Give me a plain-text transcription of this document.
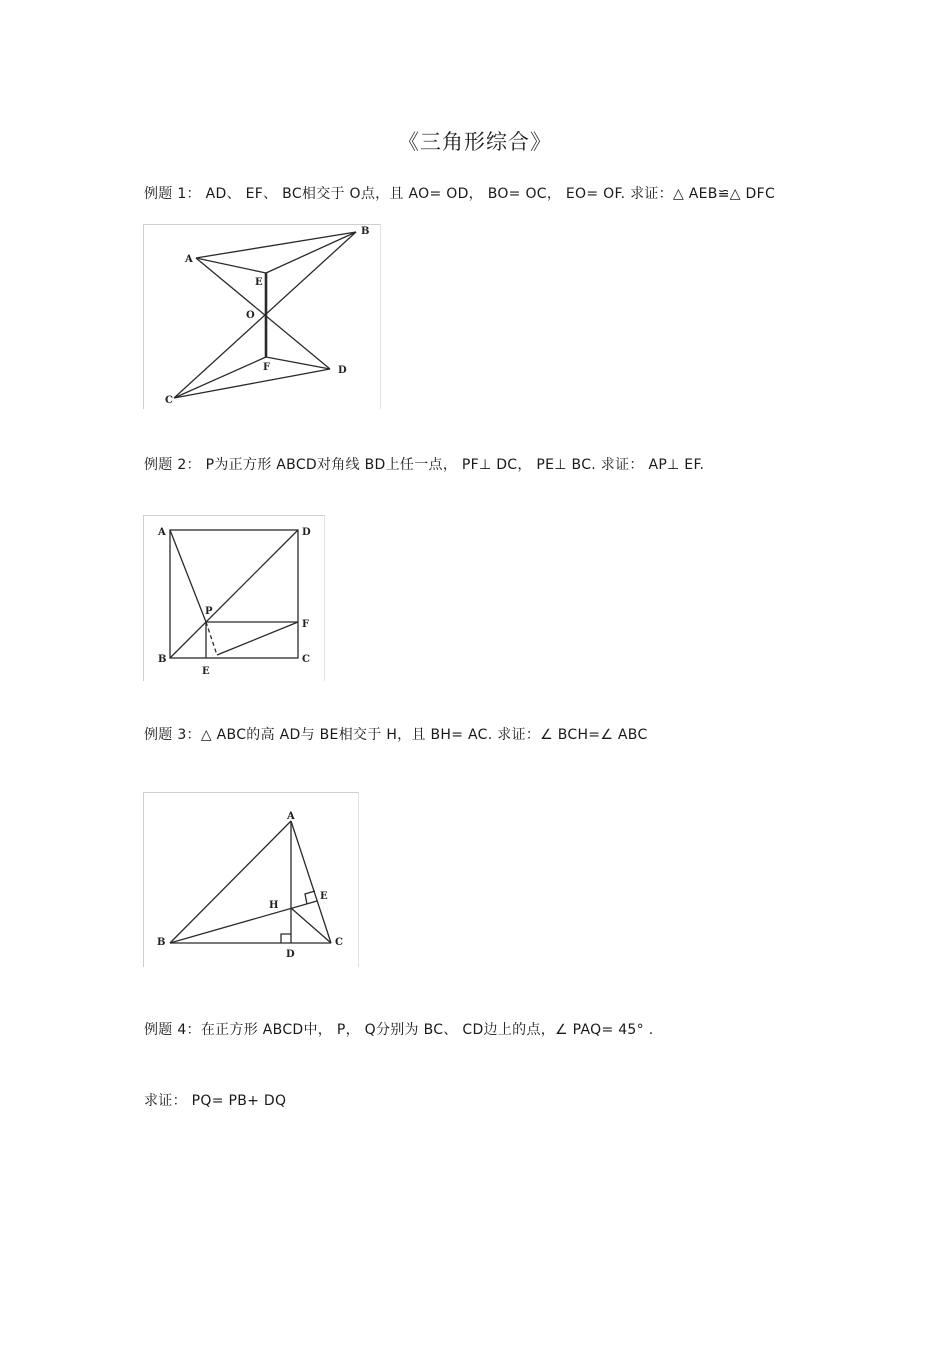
《三角形综合》
例题 1： AD、 EF、 BC相交于 O点，且 AO= OD， BO= OC， EO= OF. 求证：△ AEB≌△ DFC
A
B
E
O
F
C
D
例题 2： P为正方形 ABCD对角线 BD上任一点， PF⊥ DC， PE⊥ BC. 求证： AP⊥ EF.
A	D
P
F
B
E
C
例题 3：△ ABC的高 AD与 BE相交于 H，且 BH= AC. 求证：∠ BCH=∠ ABC
A
E
H
B	C
D
例题 4：在正方形 ABCD中， P， Q分别为 BC、 CD边上的点，∠ PAQ= 45° .
求证： PQ= PB+ DQ
